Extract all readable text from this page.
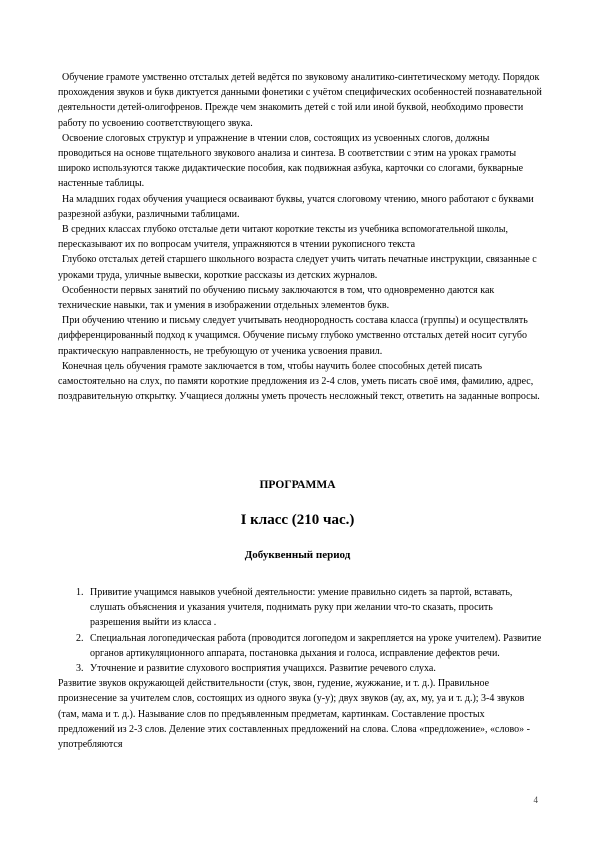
Обучение грамоте умственно отсталых детей ведётся по звуковому аналитико-синтетическому методу. Порядок прохождения звуков и букв диктуется данными фонетики с учётом специфических особенностей познавательной деятельности детей-олигофренов. Прежде чем знакомить детей с той или иной буквой, необходимо провести работу по усвоению соответствующего звука.

Освоение слоговых структур и упражнение в чтении слов, состоящих из усвоенных слогов, должны проводиться на основе тщательного звукового анализа и синтеза. В соответствии с этим на уроках грамоты широко используются также дидактические пособия, как подвижная азбука, карточки со слогами, букварные настенные таблицы.

На младших годах обучения учащиеся осваивают буквы, учатся слоговому чтению, много работают с буквами разрезной азбуки, различными таблицами.

В средних классах глубоко отсталые дети читают короткие тексты из учебника вспомогательной школы, пересказывают их по вопросам учителя, упражняются в чтении рукописного текста

Глубоко отсталых детей старшего школьного возраста следует учить читать печатные инструкции, связанные с уроками труда, уличные вывески, короткие рассказы из детских журналов.

Особенности первых занятий по обучению письму заключаются в том, что одновременно даются как технические навыки, так и умения в изображении отдельных элементов букв.

При обучению чтению и письму следует учитывать неоднородность состава класса (группы) и осуществлять дифференцированный подход к учащимся. Обучение письму глубоко умственно отсталых детей носит сугубо практическую направленность, не требующую от ученика усвоения правил.

Конечная цель обучения грамоте заключается в том, чтобы научить более способных детей писать самостоятельно на слух, по памяти короткие предложения из 2-4 слов, уметь писать своё имя, фамилию, адрес, поздравительную открытку. Учащиеся должны уметь прочесть несложный текст, ответить на заданные вопросы.

ПРОГРАММА
I класс (210 час.)
Добуквенный период
1. Привитие учащимся навыков учебной деятельности: умение правильно сидеть за партой, вставать, слушать объяснения и указания учителя, поднимать руку при желании что-то сказать, просить разрешения выйти из класса .
2. Специальная логопедическая работа (проводится логопедом и закрепляется на уроке учителем). Развитие органов артикуляционного аппарата, постановка дыхания и голоса, исправление дефектов речи.
3. Уточнение и развитие слухового восприятия учащихся. Развитие речевого слуха.

Развитие звуков окружающей действительности (стук, звон, гудение, жужжание, и т. д.). Правильное произнесение за учителем слов, состоящих из одного звука (у-у); двух звуков (ау, ах, му, уа и т. д.); 3-4 звуков (там, мама и т. д.). Называние слов по предъявленным предметам, картинкам. Составление простых предложений из 2-3 слов. Деление этих составленных предложений на слова. Слова «предложение», «слово» - употребляются

4
